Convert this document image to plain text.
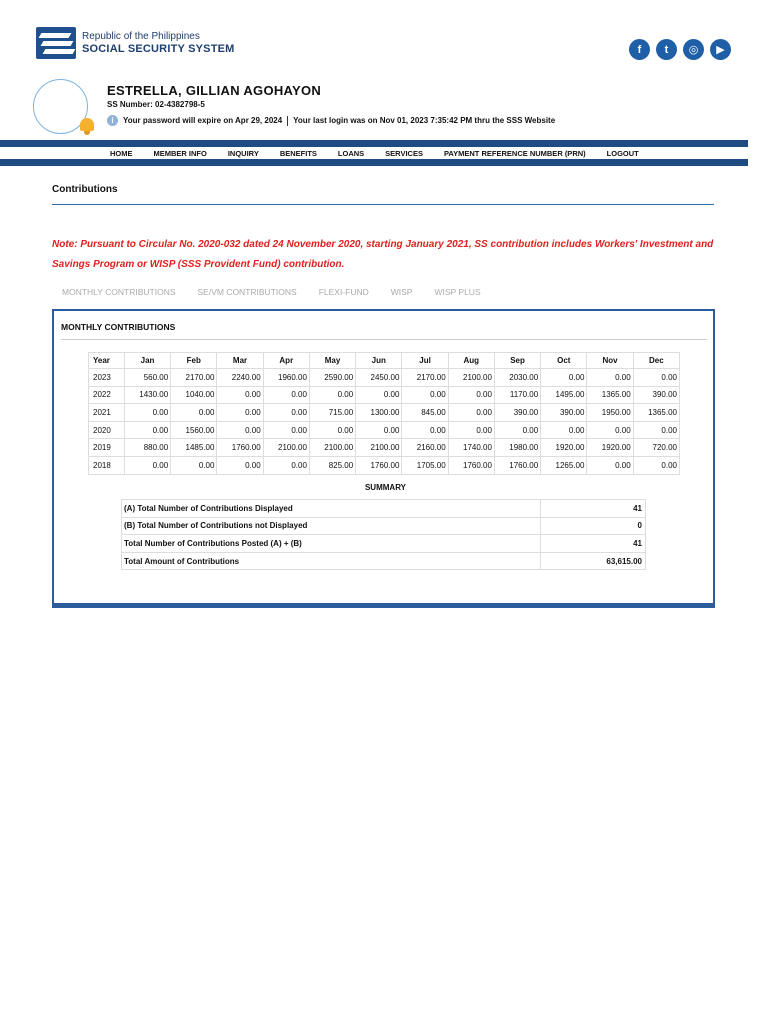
Republic of the Philippines
SOCIAL SECURITY SYSTEM	f	t	◎	▶
ESTRELLA, GILLIAN AGOHAYON
SS Number: 02-4382798-5
i	Your password will expire on Apr 29, 2024 Your last login was on Nov 01, 2023 7:35:42 PM thru the SSS Website
HOME	MEMBER INFO	INQUIRY	BENEFITS	LOANS	SERVICES	PAYMENT REFERENCE NUMBER (PRN)	LOGOUT
Contributions
Note: Pursuant to Circular No. 2020-032 dated 24 November 2020, starting January 2021, SS contribution includes Workers' Investment and Savings Program or WISP (SSS Provident Fund) contribution.
MONTHLY CONTRIBUTIONS	SE/VM CONTRIBUTIONS	FLEXI-FUND	WISP	WISP PLUS
MONTHLY CONTRIBUTIONS
Year	Jan	Feb	Mar	Apr	May	Jun	Jul	Aug	Sep	Oct	Nov	Dec
2023	560.00	2170.00	2240.00	1960.00	2590.00	2450.00	2170.00	2100.00	2030.00	0.00	0.00	0.00
2022	1430.00	1040.00	0.00	0.00	0.00	0.00	0.00	0.00	1170.00	1495.00	1365.00	390.00
2021	0.00	0.00	0.00	0.00	715.00	1300.00	845.00	0.00	390.00	390.00	1950.00	1365.00
2020	0.00	1560.00	0.00	0.00	0.00	0.00	0.00	0.00	0.00	0.00	0.00	0.00
2019	880.00	1485.00	1760.00	2100.00	2100.00	2100.00	2160.00	1740.00	1980.00	1920.00	1920.00	720.00
2018	0.00	0.00	0.00	0.00	825.00	1760.00	1705.00	1760.00	1760.00	1265.00	0.00	0.00
SUMMARY
(A) Total Number of Contributions Displayed	41
(B) Total Number of Contributions not Displayed	0
Total Number of Contributions Posted (A) + (B)	41
Total Amount of Contributions	63,615.00
